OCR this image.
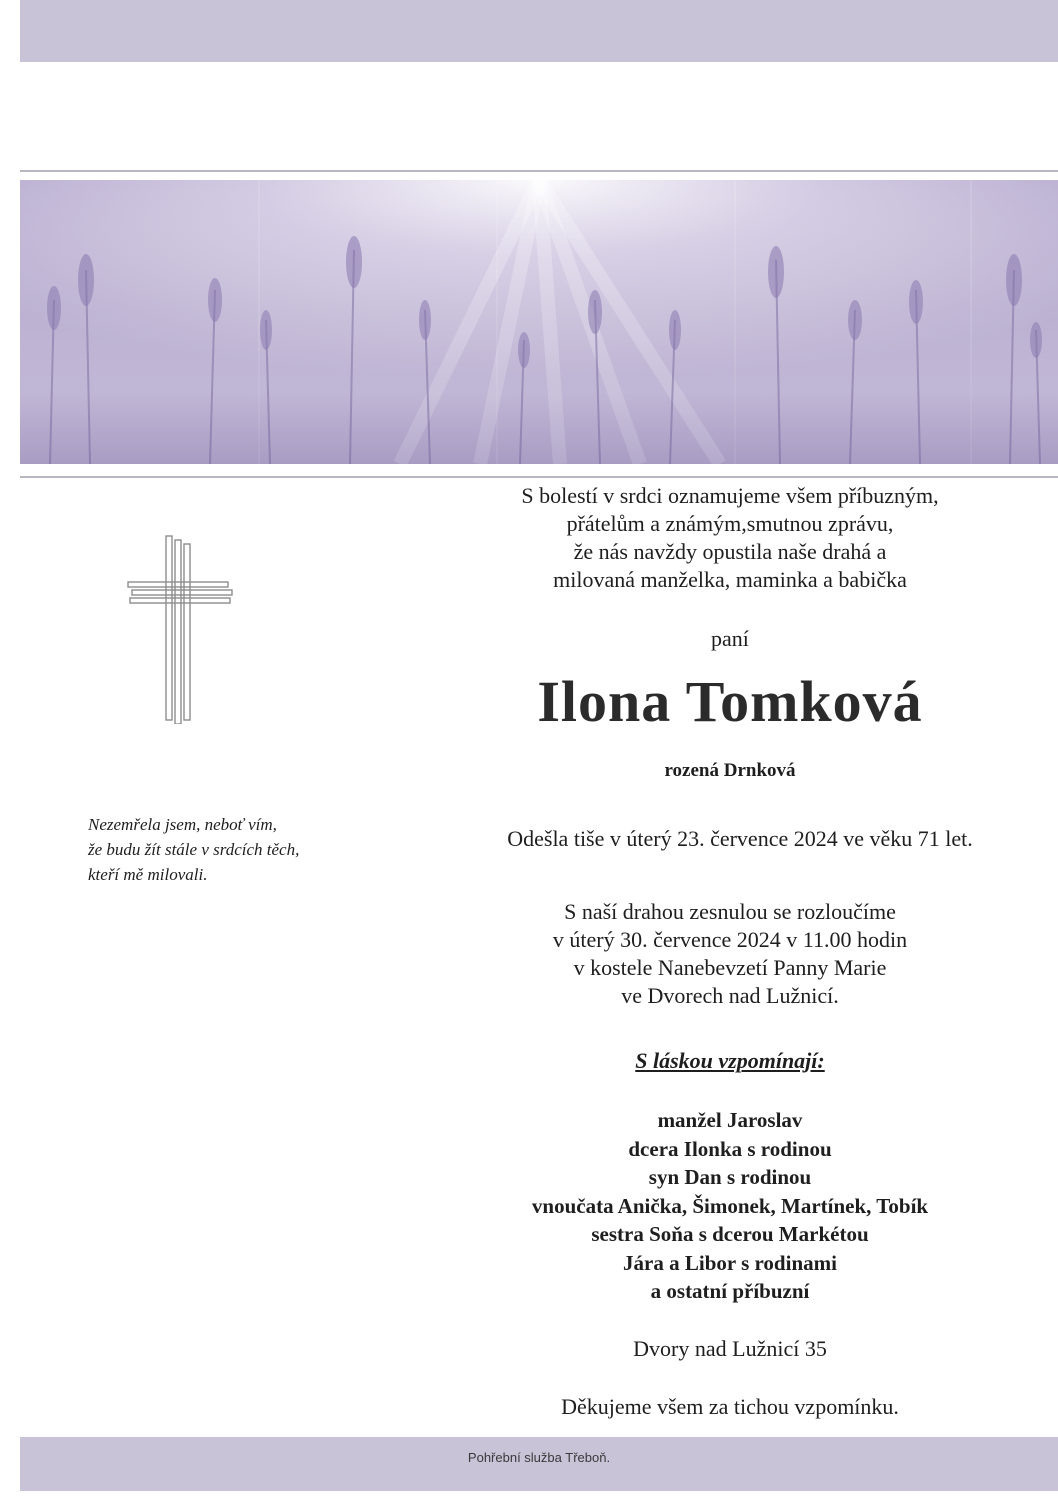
S bolestí v srdci oznamujeme všem příbuzným,
přátelům a známým,smutnou zprávu,
že nás navždy opustila naše drahá a
milovaná manželka, maminka a babička
paní
Ilona Tomková
rozená Drnková
Odešla tiše v úterý 23. července 2024 ve věku 71 let.
S naší drahou zesnulou se rozloučíme
v úterý 30. července 2024 v 11.00 hodin
v kostele Nanebevzetí Panny Marie
ve Dvorech nad Lužnicí.
S láskou vzpomínají:
manžel Jaroslav
dcera Ilonka s rodinou
syn Dan s rodinou
vnoučata Anička, Šimonek, Martínek, Tobík
sestra Soňa s dcerou Markétou
Jára a Libor s rodinami
a ostatní příbuzní
Dvory nad Lužnicí 35
Děkujeme všem za tichou vzpomínku.
Nezemřela jsem, neboť vím,
že budu žít stále v srdcích těch,
kteří mě milovali.
Pohřební služba Třeboň.
